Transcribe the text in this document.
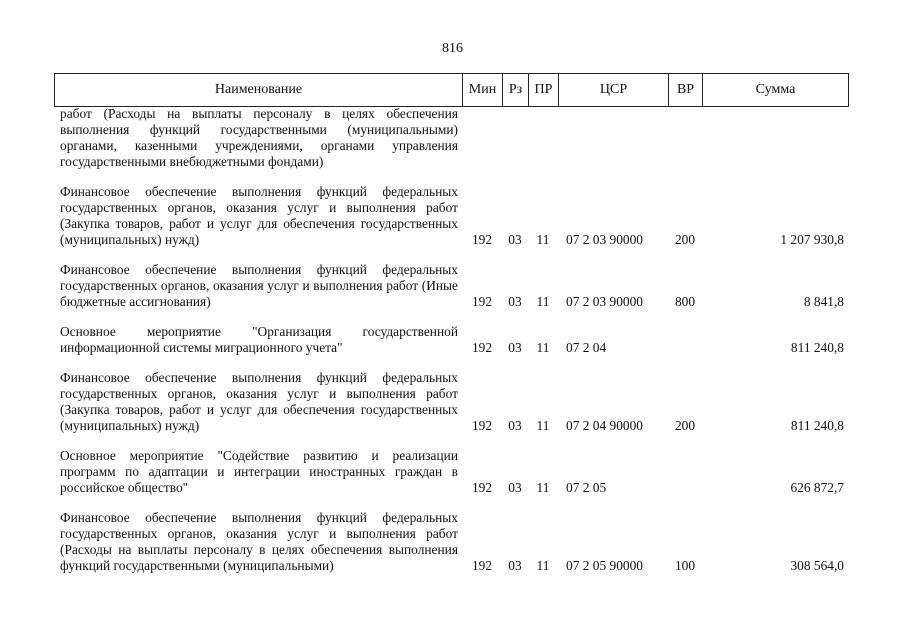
816
Наименование	Мин	Рз	ПР	ЦСР	ВР	Сумма
работ (Расходы на выплаты персоналу в целях обеспечения выполнения функций государственными (муниципальными) органами, казенными учреждениями, органами управления государственными внебюджетными фондами)						

Финансовое обеспечение выполнения функций федеральных государственных органов, оказания услуг и выполнения работ (Закупка товаров, работ и услуг для обеспечения государственных (муниципальных) нужд)	192	03	11	07 2 03 90000	200	1 207 930,8

Финансовое обеспечение выполнения функций федеральных государственных органов, оказания услуг и выполнения работ (Иные бюджетные ассигнования)	192	03	11	07 2 03 90000	800	8 841,8

Основное мероприятие "Организация государственной информационной системы миграционного учета"	192	03	11	07 2 04		811 240,8

Финансовое обеспечение выполнения функций федеральных государственных органов, оказания услуг и выполнения работ (Закупка товаров, работ и услуг для обеспечения государственных (муниципальных) нужд)	192	03	11	07 2 04 90000	200	811 240,8

Основное мероприятие "Содействие развитию и реализации программ по адаптации и интеграции иностранных граждан в российское общество"	192	03	11	07 2 05		626 872,7

Финансовое обеспечение выполнения функций федеральных государственных органов, оказания услуг и выполнения работ (Расходы на выплаты персоналу в целях обеспечения выполнения функций государственными (муниципальными)	192	03	11	07 2 05 90000	100	308 564,0
